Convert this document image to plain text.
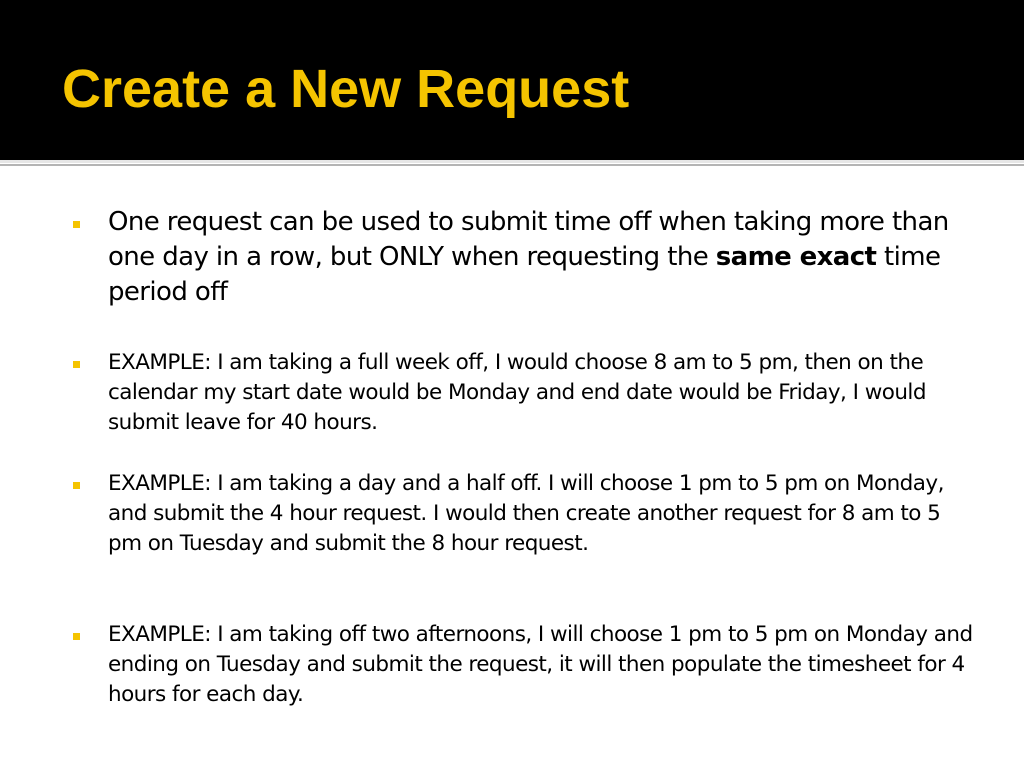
Create a New Request

One request can be used to submit time off when taking more than one day in a row, but ONLY when requesting the same exact time period off

EXAMPLE: I am taking a full week off, I would choose 8 am to 5 pm, then on the calendar my start date would be Monday and end date would be Friday, I would submit leave for 40 hours.

EXAMPLE: I am taking a day and a half off. I will choose 1 pm to 5 pm on Monday, and submit the 4 hour request. I would then create another request for 8 am to 5 pm on Tuesday and submit the 8 hour request.

EXAMPLE: I am taking off two afternoons, I will choose 1 pm to 5 pm on Monday and ending on Tuesday and submit the request, it will then populate the timesheet for 4 hours for each day.
